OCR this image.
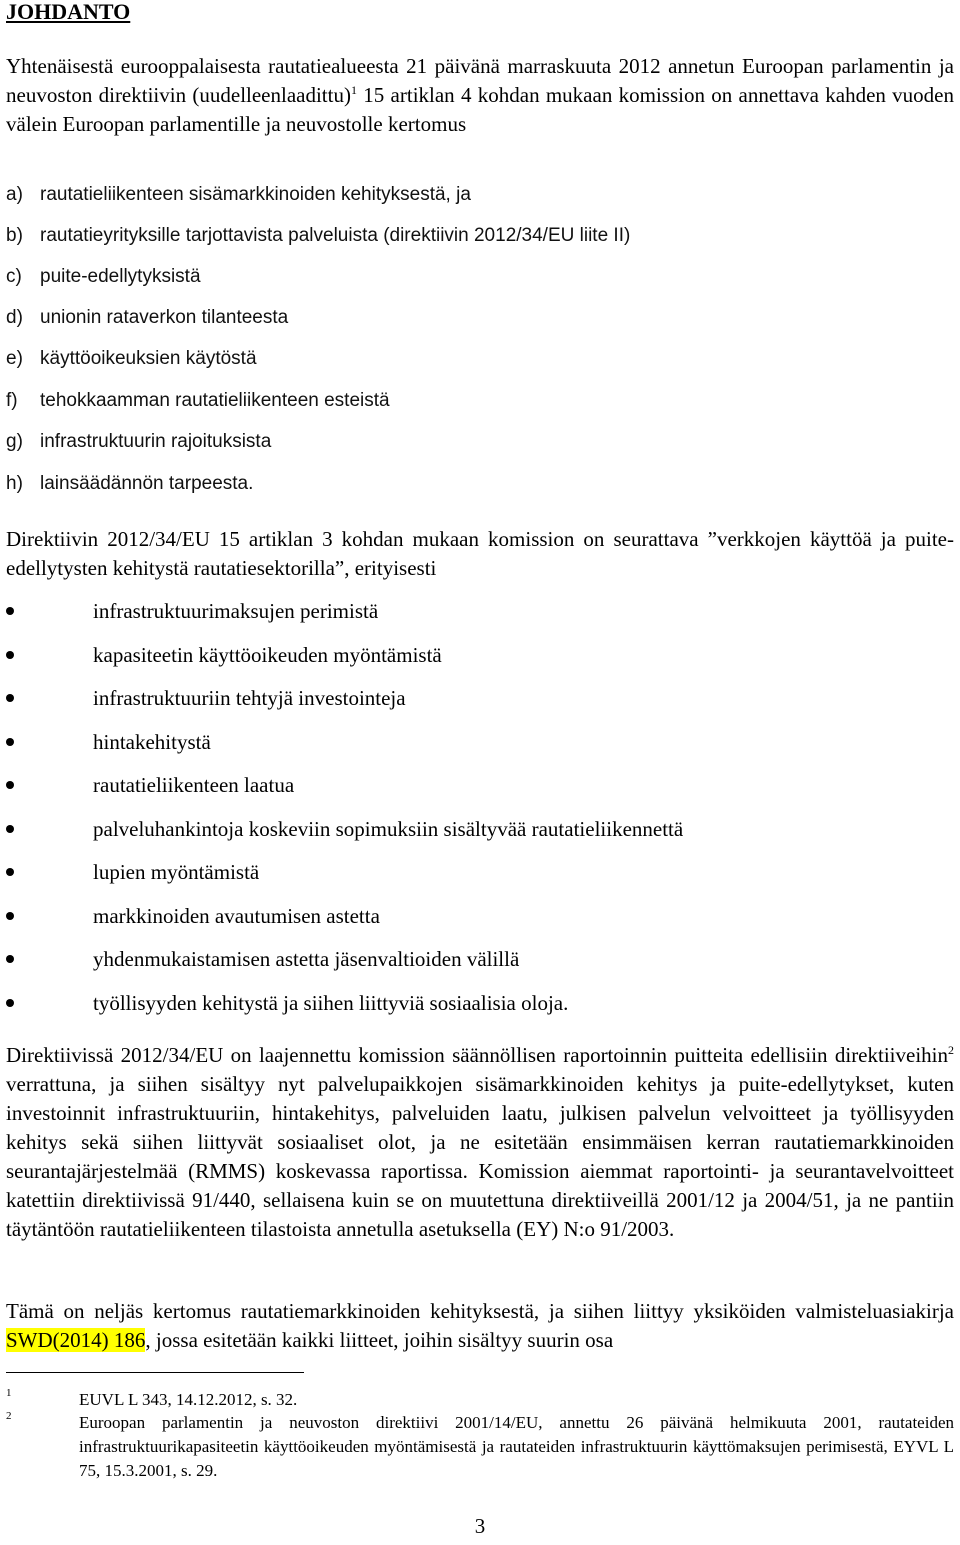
JOHDANTO

Yhtenäisestä eurooppalaisesta rautatiealueesta 21 päivänä marraskuuta 2012 annetun Euroopan parlamentin ja neuvoston direktiivin (uudelleenlaadittu)$^1$ 15 artiklan 4 kohdan mukaan komission on annettava kahden vuoden välein Euroopan parlamentille ja neuvostolle kertomus

a) rautatieliikenteen sisämarkkinoiden kehityksestä, ja
b) rautatieyrityksille tarjottavista palveluista (direktiivin 2012/34/EU liite II)
c) puite-edellytyksistä
d) unionin rataverkon tilanteesta
e) käyttöoikeuksien käytöstä
f) tehokkaamman rautatieliikenteen esteistä
g) infrastruktuurin rajoituksista
h) lainsäädännön tarpeesta.

Direktiivin 2012/34/EU 15 artiklan 3 kohdan mukaan komission on seurattava ”verkkojen käyttöä ja puite-edellytysten kehitystä rautatiesektorilla”, erityisesti

infrastruktuurimaksujen perimistä
kapasiteetin käyttöoikeuden myöntämistä
infrastruktuuriin tehtyjä investointeja
hintakehitystä
rautatieliikenteen laatua
palveluhankintoja koskeviin sopimuksiin sisältyvää rautatieliikennettä
lupien myöntämistä
markkinoiden avautumisen astetta
yhdenmukaistamisen astetta jäsenvaltioiden välillä
työllisyyden kehitystä ja siihen liittyviä sosiaalisia oloja.

Direktiivissä 2012/34/EU on laajennettu komission säännöllisen raportoinnin puitteita edellisiin direktiiveihin$^2$ verrattuna, ja siihen sisältyy nyt palvelupaikkojen sisämarkkinoiden kehitys ja puite-edellytykset, kuten investoinnit infrastruktuuriin, hintakehitys, palveluiden laatu, julkisen palvelun velvoitteet ja työllisyyden kehitys sekä siihen liittyvät sosiaaliset olot, ja ne esitetään ensimmäisen kerran rautatiemarkkinoiden seurantajärjestelmää (RMMS) koskevassa raportissa. Komission aiemmat raportointi- ja seurantavelvoitteet katettiin direktiivissä 91/440, sellaisena kuin se on muutettuna direktiiveillä 2001/12 ja 2004/51, ja ne pantiin täytäntöön rautatieliikenteen tilastoista annetulla asetuksella (EY) N:o 91/2003.

Tämä on neljäs kertomus rautatiemarkkinoiden kehityksestä, ja siihen liittyy yksiköiden valmisteluasiakirja SWD(2014) 186, jossa esitetään kaikki liitteet, joihin sisältyy suurin osa

1	EUVL L 343, 14.12.2012, s. 32.
2	Euroopan parlamentin ja neuvoston direktiivi 2001/14/EU, annettu 26 päivänä helmikuuta 2001, rautateiden infrastruktuurikapasiteetin käyttöoikeuden myöntämisestä ja rautateiden infrastruktuurin käyttömaksujen perimisestä, EYVL L 75, 15.3.2001, s. 29.
3
